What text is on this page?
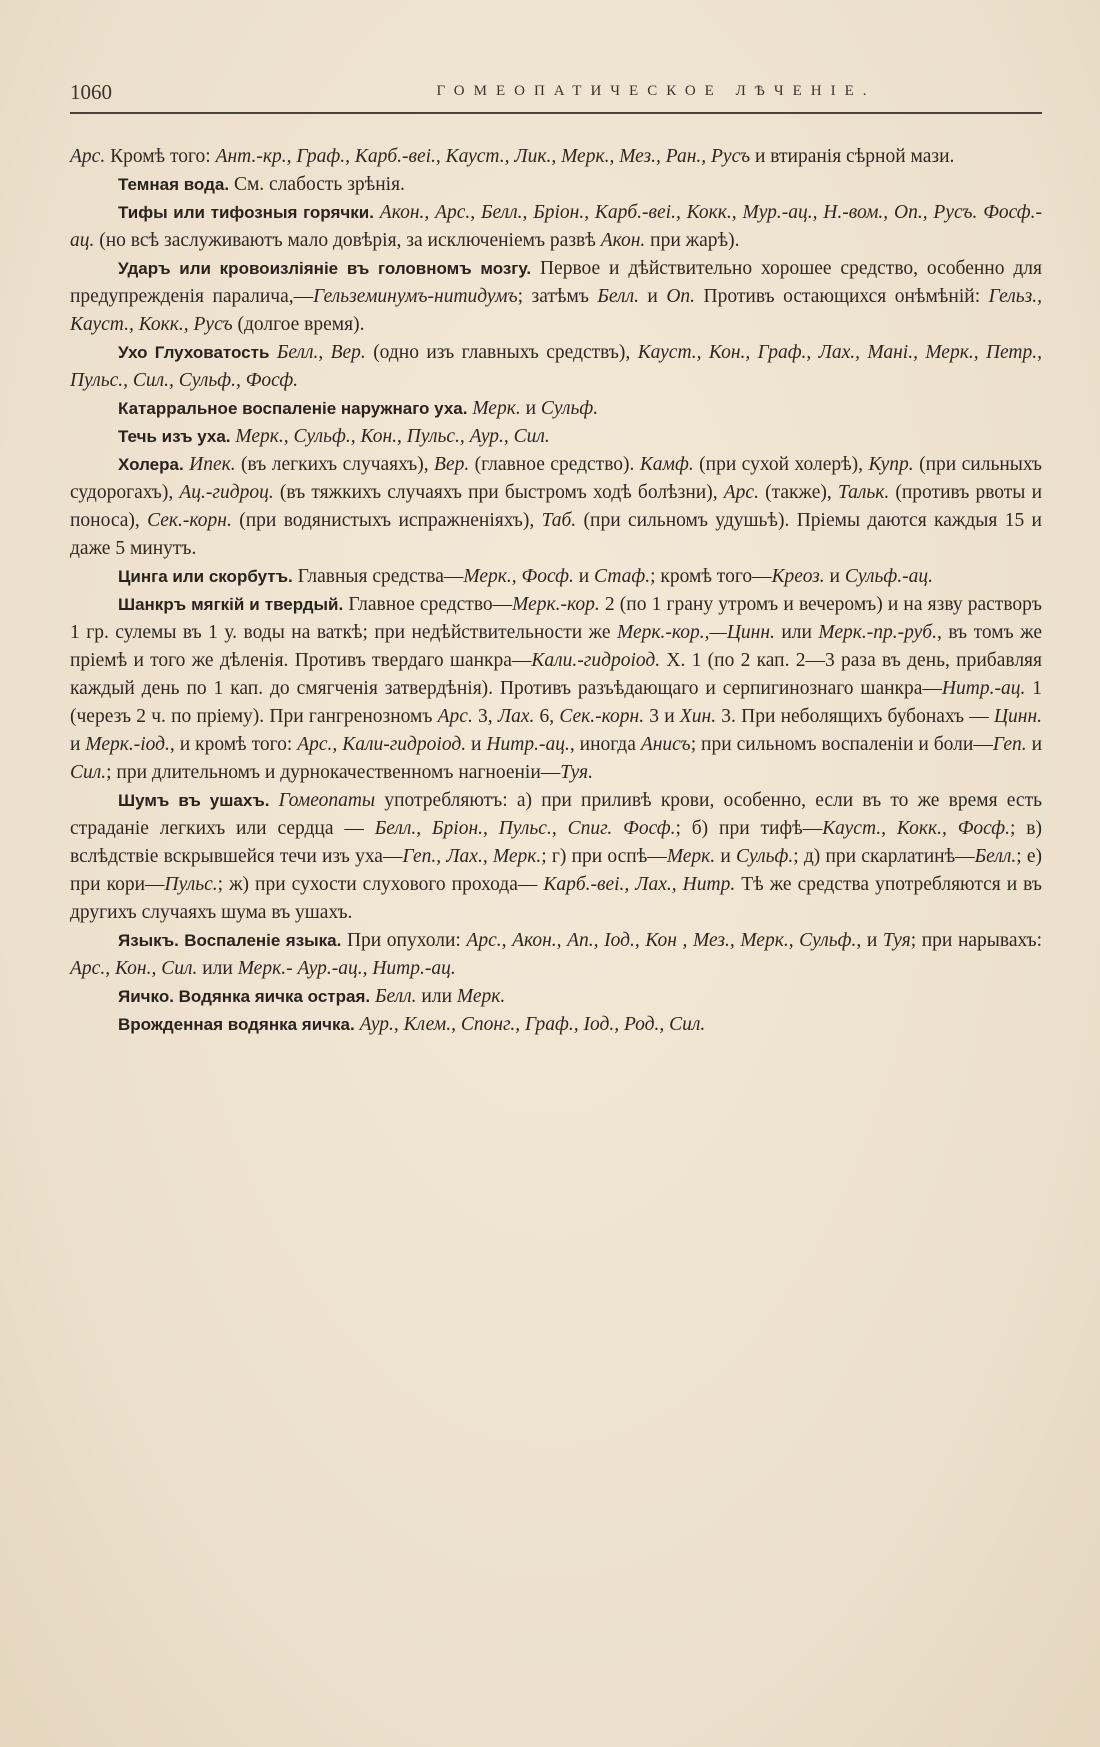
1060	ГОМЕОПАТИЧЕСКОЕ ЛѢЧЕНІЕ.

Арс. Кромѣ того: Ант.-кр., Граф., Карб.-веі., Кауст., Лик., Мерк., Мез., Ран., Русъ и втиранія сѣрной мази.

Темная вода. См. слабость зрѣнія.

Тифы или тифозныя горячки. Акон., Арс., Белл., Бріон., Карб.-веі., Кокк., Мур.-ац., Н.-вом., Оп., Русъ. Фосф.-ац. (но всѣ заслуживаютъ мало довѣрія, за исключеніемъ развѣ Акон. при жарѣ).

Ударъ или кровоизліяніе въ головномъ мозгу. Первое и дѣйствительно хорошее средство, особенно для предупрежденія паралича,—Гельземинумъ-нитидумъ; затѣмъ Белл. и Оп. Противъ остающихся онѣмѣній: Гельз., Кауст., Кокк., Русъ (долгое время).

Ухо Глуховатость Белл., Вер. (одно изъ главныхъ средствъ), Кауст., Кон., Граф., Лах., Мані., Мерк., Петр., Пульс., Сил., Сульф., Фосф.

Катарральное воспаленіе наружнаго уха. Мерк. и Сульф.

Течь изъ уха. Мерк., Сульф., Кон., Пульс., Аур., Сил.

Холера. Ипек. (въ легкихъ случаяхъ), Вер. (главное средство). Камф. (при сухой холерѣ), Купр. (при сильныхъ судорогахъ), Ац.-гидроц. (въ тяжкихъ случаяхъ при быстромъ ходѣ болѣзни), Арс. (также), Тальк. (противъ рвоты и поноса), Сек.-корн. (при водянистыхъ испражненіяхъ), Таб. (при сильномъ удушьѣ). Пріемы даются каждыя 15 и даже 5 минутъ.

Цинга или скорбутъ. Главныя средства—Мерк., Фосф. и Стаф.; кромѣ того—Креоз. и Сульф.-ац.

Шанкръ мягкій и твердый. Главное средство—Мерк.-кор. 2 (по 1 грану утромъ и вечеромъ) и на язву растворъ 1 гр. сулемы въ 1 у. воды на ваткѣ; при недѣйствительности же Мерк.-кор.,—Цинн. или Мерк.-пр.-руб., въ томъ же пріемѣ и того же дѣленія. Противъ твердаго шанкра—Кали.-гидроіод. X. 1 (по 2 кап. 2—3 раза въ день, прибавляя каждый день по 1 кап. до смягченія затвердѣнія). Противъ разъѣдающаго и серпигинознаго шанкра—Нитр.-ац. 1 (черезъ 2 ч. по пріему). При гангренозномъ Арс. 3, Лах. 6, Сек.-корн. 3 и Хин. 3. При неболящихъ бубонахъ — Цинн. и Мерк.-іод., и кромѣ того: Арс., Кали-гидроіод. и Нитр.-ац., иногда Анисъ; при сильномъ воспаленіи и боли—Геп. и Сил.; при длительномъ и дурнокачественномъ нагноеніи—Туя.

Шумъ въ ушахъ. Гомеопаты употребляютъ: а) при приливѣ крови, особенно, если въ то же время есть страданіе легкихъ или сердца — Белл., Бріон., Пульс., Спиг. Фосф.; б) при тифѣ—Кауст., Кокк., Фосф.; в) вслѣдствіе вскрывшейся течи изъ уха—Геп., Лах., Мерк.; г) при оспѣ—Мерк. и Сульф.; д) при скарлатинѣ—Белл.; е) при кори—Пульс.; ж) при сухости слухового прохода— Карб.-веі., Лах., Нитр. Тѣ же средства употребляются и въ другихъ случаяхъ шума въ ушахъ.

Языкъ. Воспаленіе языка. При опухоли: Арс., Акон., Ап., Іод., Кон , Мез., Мерк., Сульф., и Туя; при нарывахъ: Арс., Кон., Сил. или Мерк.- Аур.-ац., Нитр.-ац.

Яичко. Водянка яичка острая. Белл. или Мерк.

Врожденная водянка яичка. Аур., Клем., Спонг., Граф., Іод., Род., Сил.
